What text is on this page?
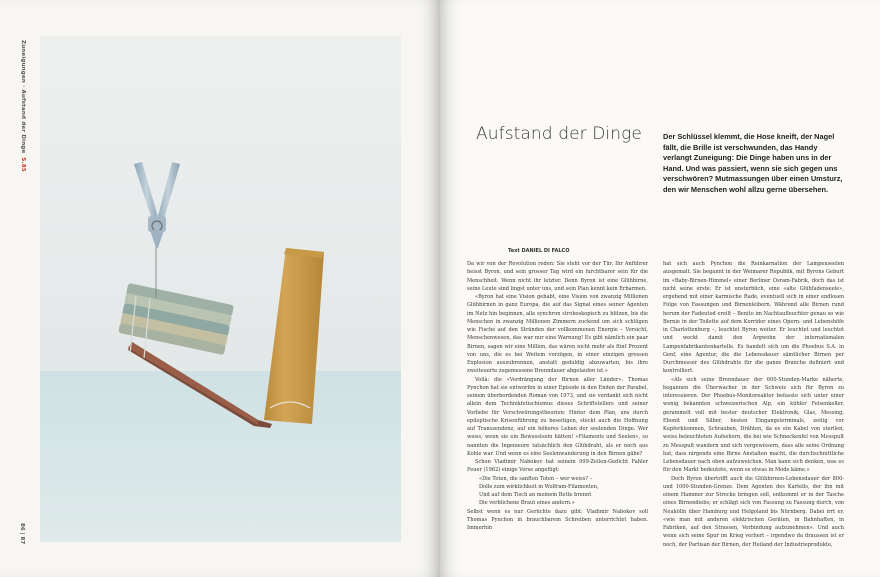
Zuneigungen · Aufstand der DingeS.85
86 | 87
Aufstand der Dinge	Der Schlüssel klemmt, die Hose kneift, der Nagel fällt, die Brille ist verschwunden, das Handy verlangt Zuneigung: Die Dinge haben uns in der Hand. Und was passiert, wenn sie sich gegen uns verschwören? Mutmassungen über einen Umsturz, den wir Menschen wohl allzu gerne übersehen.
Text DANIEL DI FALCO

Da wir von der Revolution reden: Sie steht vor der Tür. Ihr Anführer heisst Byron, und sein grosser Tag wird ein furchtbarer sein für die Menschheit. Wenn nicht ihr letzter. Denn Byron ist eine Glühbirne, seine Leute sind lingst unter uns, und sein Plan kennt kein Erbarmen.

«Byron hat eine Vision gehabt, eine Vision von zwanzig Millionen Glühbirnen in ganz Europa, die auf das Signal eines seiner Agenten im Netz hin beginnen, alle synchron stroboskopisch zu blitzen, bis die Menschen in zwanzig Millionen Zimmern zuckend um sich schlügen wie Fische auf den Stränden der vollkommenen Energie – Vorsicht, Menschenwesen, das war nur eine Warnung! Es gibt nämlich ein paar Birnen, sagen wir eine Million, das wären nicht mehr als fünf Prozent von uns, die es bei Weitem vorzögen, in einer einzigen grossen Explosion auszubrennen, anstatt geduldig abzuwarten, bis ihre zweiteuerte zugemessene Brenndauer abgelaufen ist.»

Voilà: die «Verdrängung der Birnen aller Länder». Thomas Pynchon hat sie entworfen in einer Episode in den Enden der Parabel, seinem überbordenden Roman von 1973, und sie verdankt sich nicht allein dem Technikfetischismus dieses Schriftstellers und seiner Vorliebe für Verschwörungstheorien: Hinter dem Plan, uns durch epileptische Krisenführung zu beseitigen, steckt auch die Hoffnung auf Transzendenz, auf ein höheres Leben der seelenden Dinge. Wer weiss, wenn sie ein Bewusstsein hätten! «Filaments und Seelen», so nannten die Ingenieure tatsächlich den Glühdraht, als er noch aus Kohle war. Und wenn es eine Seelenwanderung in den Birnen gäbe?

Schon Vladimir Nabokov hat seinem 999-Zeilen-Gedicht Fahler Feuer (1962) einige Verse angefügt:

«Die Toten, die sanften Toten – wer weiss? –

Dolle zum wirklichkeit in Wolfram-Filamenten,

Und auf dem Tisch an meinem Bette brennt

Die verblichene Braut eines andern.»

Selbst wenn es nur Gerüchte dazu gibt: Vladimir Nabokov soll Thomas Pynchon in brauchbarem Schreiben unterrichtet haben. Immerhin

hat sich auch Pynchon die Reinkarnation der Lampenseelen ausgemalt. Sie begannt in der Weimarer Republik, mit Byrons Geburt im «Baby-Birnen-Himmel» einer Berliner Osram-Fabrik, doch das ist nicht seine erste: Er ist unsterblich, eine «alte Glühfadenseele», ergebend mit einer karmische Rade, eventuell sich in einer endlosen Folge von Fassungen und Birnenleibern. Während alle Birnen rund herum der Fadeutod ereilt – Benito im Nachtaufleuchter genau so wie Bernie in der Toilette auf dem Korridor eines Opern- und Lebenshöfe in Charlottenburg –, leuchtet Byron weiter. Er leuchtet und leuchtet und weckt damit den Argwohn der internationalen Lampenfabrikantenkartelle. Es handelt sich um die Phoebus S.A. in Genf, eine Agentur, die die Lebensdauer sämtlicher Birnen per Durchmesser des Glühdrahts für die ganze Branche definiert und kontrolliert.

«Als sich seine Brenndauer der 600-Stunden-Marke näherte, begannen die Überwacher in der Schweiz sich für Byron zu interessieren. Der Phoebus-Monitoreaktor befasste sich unter einer wenig bekannten schweizerischen Alp, ein kühler Felsenkeller, gerammelt voll mit bester deutscher Elektronik, Glas, Messing, Ebonit und Silber, besten Eingangsterminals, zeitig vor Kupferklemmen, Schrauben, Drähten, da es ein Kabel von sterilen, weiss beleuchteten Aufsehern, die bei wie Schneckenfel von Messpult zu Messpult wandern und sich vergewissern, dass alle seine Ordnung hat, dass nirgends eine Birne Anstalten macht, die durchschnittliche Lebensdauer nach oben aufzuweichen. Man kann sich denken, was es für den Markt bedeutete, wenn es etwas in Mode käme.»

Doch Byron übertrifft auch die Glühbirnen-Lebensdauer der 800- und 1000-Stunden-Grenze. Dem Agenten des Kartells, der ihn mit einem Hammer zur Strecke bringen soll, entkommt er in der Tasche eines Birnendiebs; er schlägt sich von Fassung zu Fassung durch, von Neukölln über Hamburg und Helgoland bis Nürnberg. Dabei irrt er, «wie man mit anderen elektrischen Geräten, in Bahnhaften, in Fabriken, auf den Strassen, Verbindung aufzunehmen». Und auch wenn sich seine Spur im Krieg verliert – irgendwo da draussen ist er noch, der Partisan der Birnen, der Heiland der Industrieprodukte,
